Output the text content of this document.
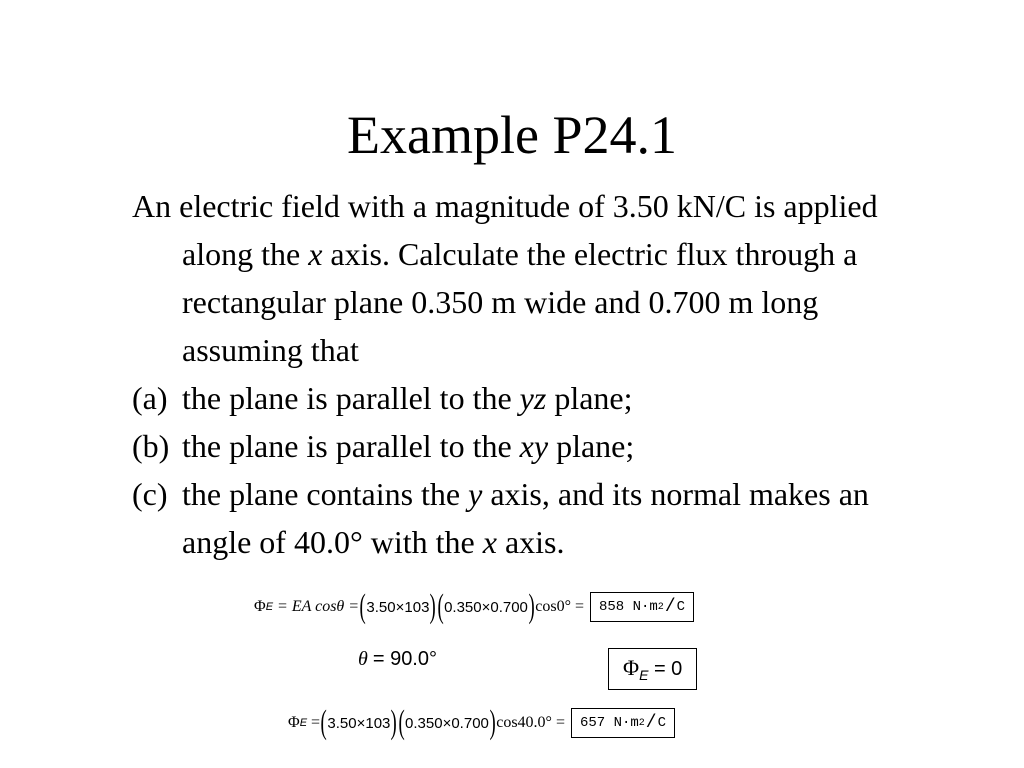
Example P24.1

An electric field with a magnitude of 3.50 kN/C is applied along the x axis. Calculate the electric flux through a rectangular plane 0.350 m wide and 0.700 m long assuming that

(a) the plane is parallel to the yz plane;

(b) the plane is parallel to the xy plane;

(c) the plane contains the y axis, and its normal makes an angle of 40.0° with the x axis.

Φ E = EA cosθ = ( 3.50×10 3 ) ( 0.350×0.700 ) cos0° = 858 N·m 2 / C
θ
= 90.0°	$\Phi_E = 0$
Φ E = ( 3.50×10 3 ) ( 0.350×0.700 ) cos40.0° = 657 N·m 2 / C
